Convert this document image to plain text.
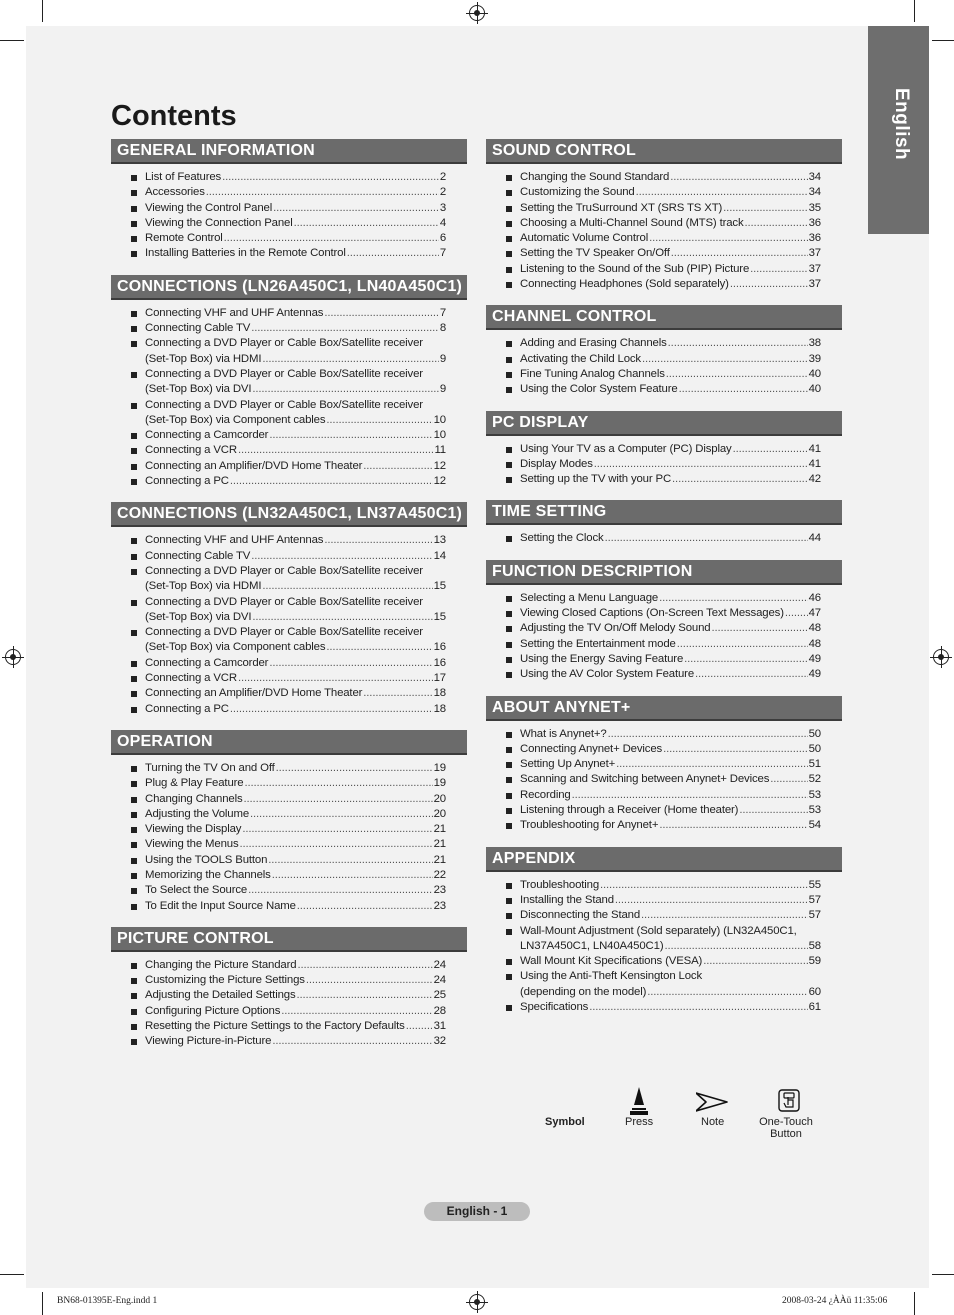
English
Contents
GENERAL INFORMATION
List of Features .....	2
Accessories .....	2
Viewing the Control Panel .....	3
Viewing the Connection Panel .....	4
Remote Control .....	6
Installing Batteries in the Remote Control .....	7
CONNECTIONS (LN26A450C1, LN40A450C1)
Connecting VHF and UHF Antennas .....	7
Connecting Cable TV .....	8
Connecting a DVD Player or Cable Box/Satellite receiver
(Set-Top Box) via HDMI .....	9
Connecting a DVD Player or Cable Box/Satellite receiver
(Set-Top Box) via DVI .....	9
Connecting a DVD Player or Cable Box/Satellite receiver
(Set-Top Box) via Component cables .....	10
Connecting a Camcorder .....	10
Connecting a VCR .....	11
Connecting an Amplifier/DVD Home Theater .....	12
Connecting a PC .....	12
CONNECTIONS (LN32A450C1, LN37A450C1)
Connecting VHF and UHF Antennas .....	13
Connecting Cable TV .....	14
Connecting a DVD Player or Cable Box/Satellite receiver
(Set-Top Box) via HDMI .....	15
Connecting a DVD Player or Cable Box/Satellite receiver
(Set-Top Box) via DVI .....	15
Connecting a DVD Player or Cable Box/Satellite receiver
(Set-Top Box) via Component cables .....	16
Connecting a Camcorder .....	16
Connecting a VCR .....	17
Connecting an Amplifier/DVD Home Theater .....	18
Connecting a PC .....	18
OPERATION
Turning the TV On and Off .....	19
Plug & Play Feature .....	19
Changing Channels .....	20
Adjusting the Volume .....	20
Viewing the Display .....	21
Viewing the Menus .....	21
Using the TOOLS Button .....	21
Memorizing the Channels .....	22
To Select the Source .....	23
To Edit the Input Source Name .....	23
PICTURE CONTROL
Changing the Picture Standard .....	24
Customizing the Picture Settings .....	24
Adjusting the Detailed Settings .....	25
Configuring Picture Options .....	28
Resetting the Picture Settings to the Factory Defaults .....	31
Viewing Picture-in-Picture .....	32
SOUND CONTROL
Changing the Sound Standard .....	34
Customizing the Sound .....	34
Setting the TruSurround XT (SRS TS XT) .....	35
Choosing a Multi-Channel Sound (MTS) track .....	36
Automatic Volume Control .....	36
Setting the TV Speaker On/Off .....	37
Listening to the Sound of the Sub (PIP) Picture .....	37
Connecting Headphones (Sold separately) .....	37
CHANNEL CONTROL
Adding and Erasing Channels .....	38
Activating the Child Lock .....	39
Fine Tuning Analog Channels .....	40
Using the Color System Feature .....	40
PC DISPLAY
Using Your TV as a Computer (PC) Display .....	41
Display Modes .....	41
Setting up the TV with your PC .....	42
TIME SETTING
Setting the Clock .....	44
FUNCTION DESCRIPTION
Selecting a Menu Language .....	46
Viewing Closed Captions (On-Screen Text Messages) ..... 47
Adjusting the TV On/Off Melody Sound .....	48
Setting the Entertainment mode .....	48
Using the Energy Saving Feature .....	49
Using the AV Color System Feature .....	49
ABOUT ANYNET+
What is Anynet+? .....	50
Connecting Anynet+ Devices .....	50
Setting Up Anynet+ .....	51
Scanning and Switching between Anynet+ Devices .....	52
Recording .....	53
Listening through a Receiver (Home theater) .....	53
Troubleshooting for Anynet+ .....	54
APPENDIX
Troubleshooting .....	55
Installing the Stand .....	57
Disconnecting the Stand .....	57
Wall-Mount Adjustment (Sold separately) (LN32A450C1,
LN37A450C1, LN40A450C1) .....	58
Wall Mount Kit Specifications (VESA) .....	59
Using the Anti-Theft Kensington Lock
(depending on the model) .....	60
Specifications .....	61
Symbol	Press	Note	One-Touch
Button
English - 1
BN68-01395E-Eng.indd 1	2008-03-24 ¿ÀÀü 11:35:06
